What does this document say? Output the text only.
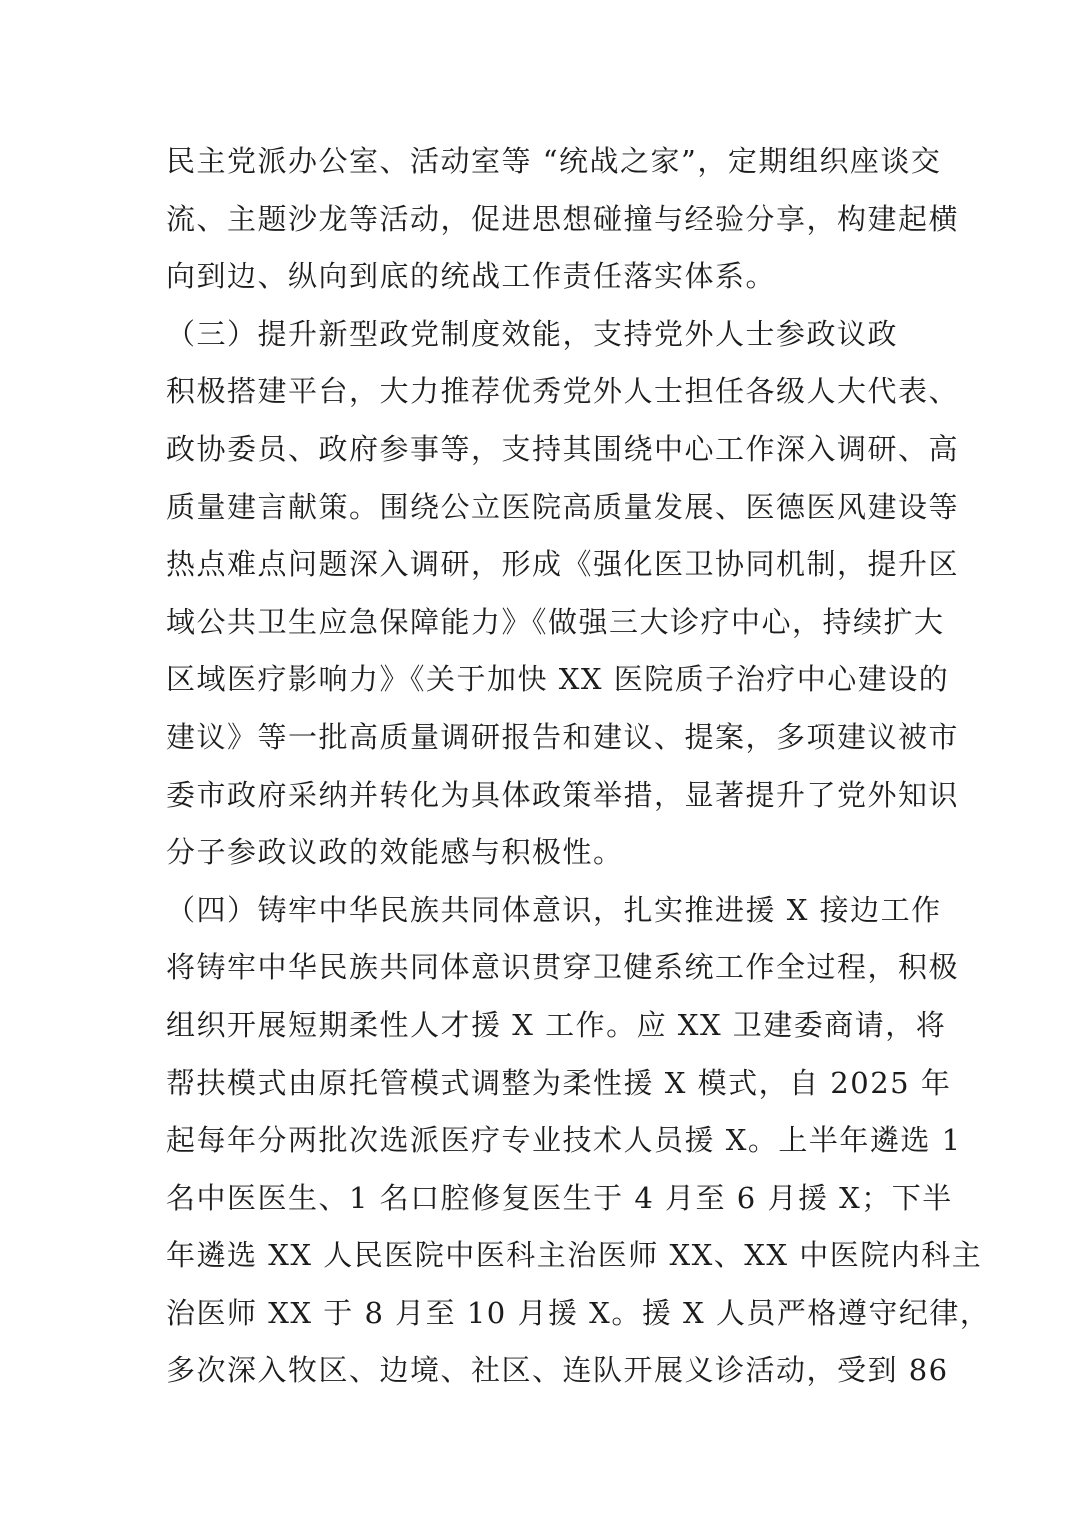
民主党派办公室、活动室等 “统战之家”，定期组织座谈交
流、主题沙龙等活动，促进思想碰撞与经验分享，构建起横
向到边、纵向到底的统战工作责任落实体系。
（三）提升新型政党制度效能，支持党外人士参政议政
积极搭建平台，大力推荐优秀党外人士担任各级人大代表、
政协委员、政府参事等，支持其围绕中心工作深入调研、高
质量建言献策。围绕公立医院高质量发展、医德医风建设等
热点难点问题深入调研，形成《强化医卫协同机制，提升区
域公共卫生应急保障能力》《做强三大诊疗中心，持续扩大
区域医疗影响力》《关于加快 XX 医院质子治疗中心建设的
建议》等一批高质量调研报告和建议、提案，多项建议被市
委市政府采纳并转化为具体政策举措，显著提升了党外知识
分子参政议政的效能感与积极性。
（四）铸牢中华民族共同体意识，扎实推进援 X 接边工作
将铸牢中华民族共同体意识贯穿卫健系统工作全过程，积极
组织开展短期柔性人才援 X 工作。应 XX 卫建委商请，将
帮扶模式由原托管模式调整为柔性援 X 模式，自 2025 年
起每年分两批次选派医疗专业技术人员援 X。上半年遴选 1
名中医医生、1 名口腔修复医生于 4 月至 6 月援 X；下半
年遴选 XX 人民医院中医科主治医师 XX、XX 中医院内科主
治医师 XX 于 8 月至 10 月援 X。援 X 人员严格遵守纪律，
多次深入牧区、边境、社区、连队开展义诊活动，受到 86
